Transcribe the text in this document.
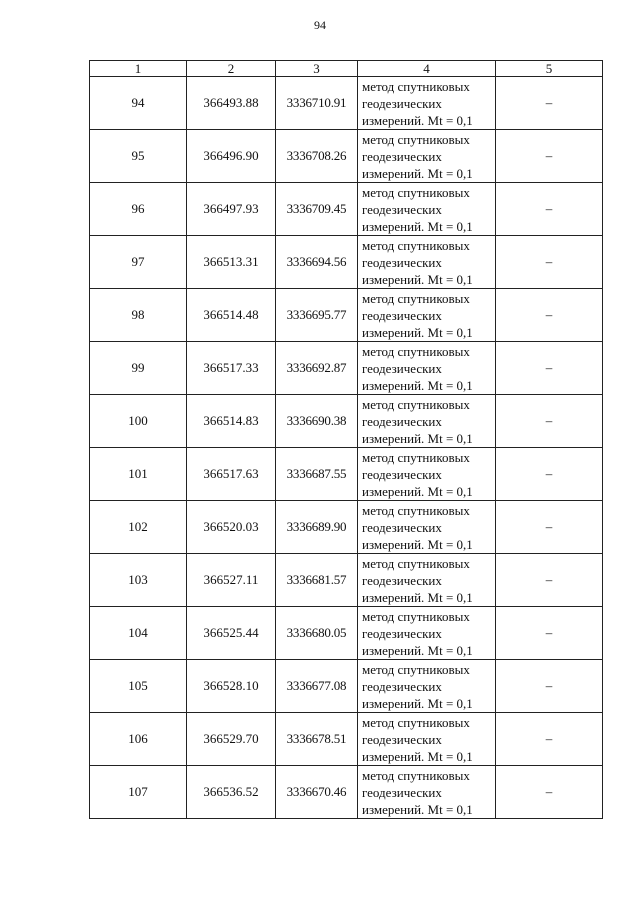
94
1	2	3	4	5
94	366493.88	3336710.91	метод спутниковых
геодезических
измерений. Mt = 0,1	–
95	366496.90	3336708.26	метод спутниковых
геодезических
измерений. Mt = 0,1	–
96	366497.93	3336709.45	метод спутниковых
геодезических
измерений. Mt = 0,1	–
97	366513.31	3336694.56	метод спутниковых
геодезических
измерений. Mt = 0,1	–
98	366514.48	3336695.77	метод спутниковых
геодезических
измерений. Mt = 0,1	–
99	366517.33	3336692.87	метод спутниковых
геодезических
измерений. Mt = 0,1	–
100	366514.83	3336690.38	метод спутниковых
геодезических
измерений. Mt = 0,1	–
101	366517.63	3336687.55	метод спутниковых
геодезических
измерений. Mt = 0,1	–
102	366520.03	3336689.90	метод спутниковых
геодезических
измерений. Mt = 0,1	–
103	366527.11	3336681.57	метод спутниковых
геодезических
измерений. Mt = 0,1	–
104	366525.44	3336680.05	метод спутниковых
геодезических
измерений. Mt = 0,1	–
105	366528.10	3336677.08	метод спутниковых
геодезических
измерений. Mt = 0,1	–
106	366529.70	3336678.51	метод спутниковых
геодезических
измерений. Mt = 0,1	–
107	366536.52	3336670.46	метод спутниковых
геодезических
измерений. Mt = 0,1	–
